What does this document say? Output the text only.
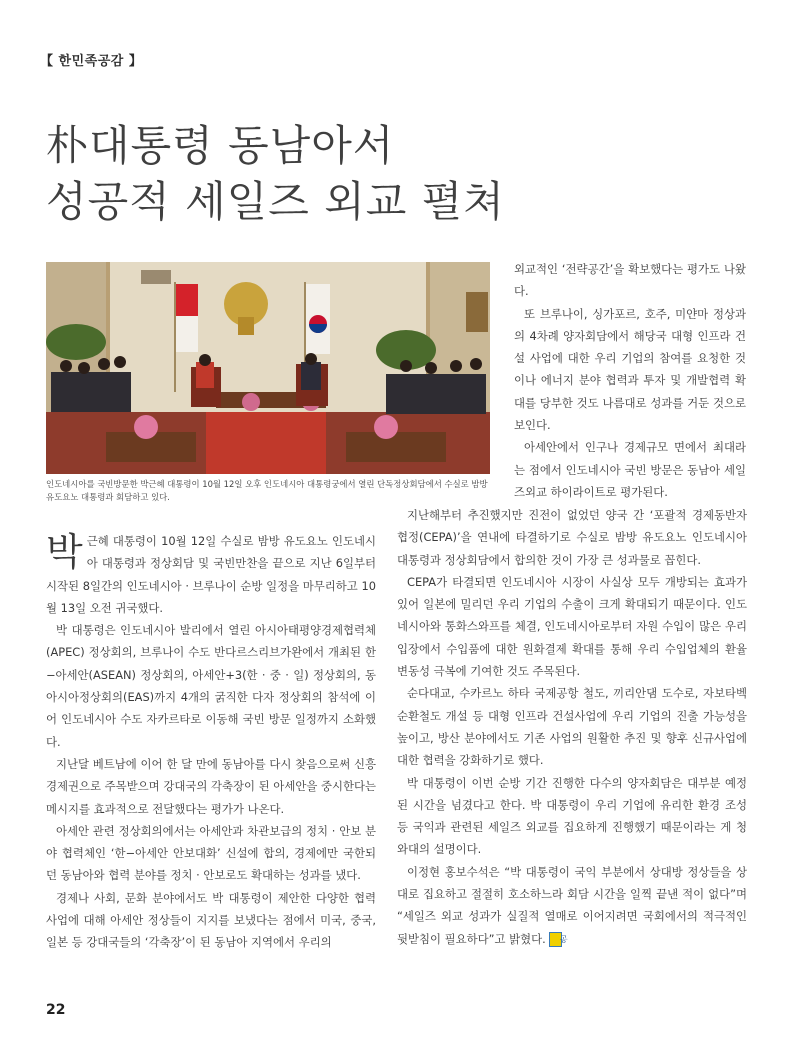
【 한민족공감 】
朴대통령 동남아서
성공적 세일즈 외교 펼쳐
인도네시아를 국빈방문한 박근혜 대통령이 10월 12일 오후 인도네시아 대통령궁에서 열린 단독정상회담에서 수실로 밤방 유도요노 대통령과 회담하고 있다.

외교적인 ‘전략공간’을 확보했다는 평가도 나왔다.

또 브루나이, 싱가포르, 호주, 미얀마 정상과의 4차례 양자회담에서 해당국 대형 인프라 건설 사업에 대한 우리 기업의 참여를 요청한 것이나 에너지 분야 협력과 투자 및 개발협력 확대를 당부한 것도 나름대로 성과를 거둔 것으로 보인다.

아세안에서 인구나 경제규모 면에서 최대라는 점에서 인도네시아 국빈 방문은 동남아 세일즈외교 하이라이트로 평가된다.

박근혜 대통령이 10월 12일 수실로 밤방 유도요노 인도네시아 대통령과 정상회담 및 국빈만찬을 끝으로 지난 6일부터 시작된 8일간의 인도네시아 · 브루나이 순방 일정을 마무리하고 10월 13일 오전 귀국했다.

박 대통령은 인도네시아 발리에서 열린 아시아태평양경제협력체(APEC) 정상회의, 브루나이 수도 반다르스리브가완에서 개최된 한−아세안(ASEAN) 정상회의, 아세안+3(한 · 중 · 일) 정상회의, 동아시아정상회의(EAS)까지 4개의 굵직한 다자 정상회의 참석에 이어 인도네시아 수도 자카르타로 이동해 국빈 방문 일정까지 소화했다.

지난달 베트남에 이어 한 달 만에 동남아를 다시 찾음으로써 신흥경제권으로 주목받으며 강대국의 각축장이 된 아세안을 중시한다는 메시지를 효과적으로 전달했다는 평가가 나온다.

아세안 관련 정상회의에서는 아세안과 차관보급의 정치 · 안보 분야 협력체인 ‘한−아세안 안보대화’ 신설에 합의, 경제에만 국한되던 동남아와 협력 분야를 정치 · 안보로도 확대하는 성과를 냈다.

경제나 사회, 문화 분야에서도 박 대통령이 제안한 다양한 협력 사업에 대해 아세안 정상들이 지지를 보냈다는 점에서 미국, 중국, 일본 등 강대국들의 ‘각축장’이 된 동남아 지역에서 우리의

지난해부터 추진했지만 진전이 없었던 양국 간 ‘포괄적 경제동반자 협정(CEPA)’을 연내에 타결하기로 수실로 밤방 유도요노 인도네시아 대통령과 정상회담에서 합의한 것이 가장 큰 성과물로 꼽힌다.

CEPA가 타결되면 인도네시아 시장이 사실상 모두 개방되는 효과가 있어 일본에 밀리던 우리 기업의 수출이 크게 확대되기 때문이다. 인도네시아와 통화스와프를 체결, 인도네시아로부터 자원 수입이 많은 우리 입장에서 수입품에 대한 원화결제 확대를 통해 우리 수입업체의 환율 변동성 극복에 기여한 것도 주목된다.

순다대교, 수카르노 하타 국제공항 철도, 끼리안댐 도수로, 자보타벡 순환철도 개설 등 대형 인프라 건설사업에 우리 기업의 진출 가능성을 높이고, 방산 분야에서도 기존 사업의 원활한 추진 및 향후 신규사업에 대한 협력을 강화하기로 했다.

박 대통령이 이번 순방 기간 진행한 다수의 양자회담은 대부분 예정된 시간을 넘겼다고 한다. 박 대통령이 우리 기업에 유리한 환경 조성 등 국익과 관련된 세일즈 외교를 집요하게 진행했기 때문이라는 게 청와대의 설명이다.

이정현 홍보수석은 “박 대통령이 국익 부분에서 상대방 정상들을 상대로 집요하고 절절히 호소하느라 회담 시간을 일찍 끝낸 적이 없다”며 “세일즈 외교 성과가 실질적 열매로 이어지려면 국회에서의 적극적인 뒷받침이 필요하다”고 밝혔다. 공

22
